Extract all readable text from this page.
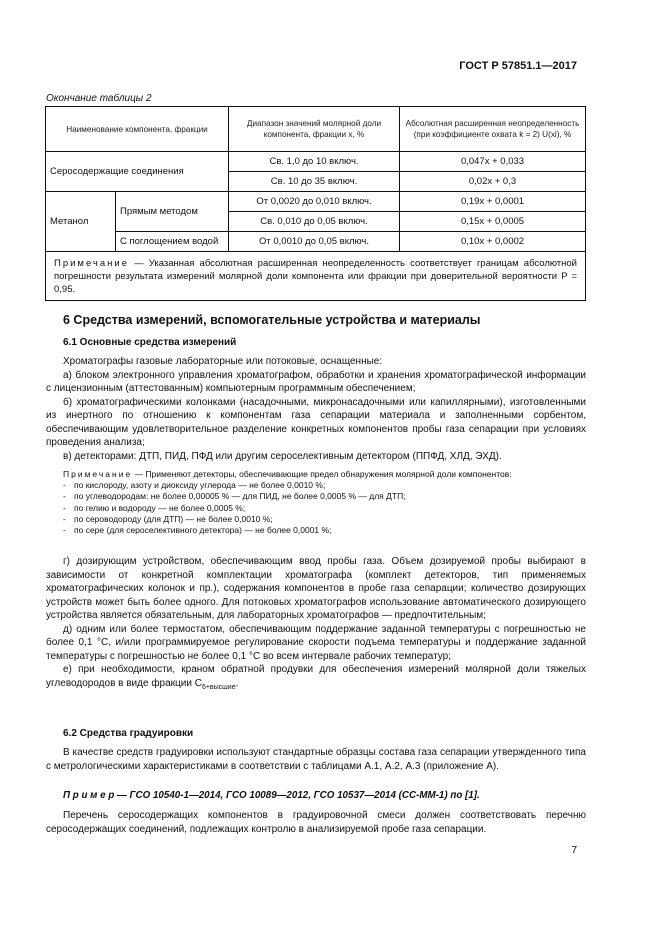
ГОСТ Р 57851.1—2017
Окончание таблицы 2
Наименование компонента, фракции		Диапазон значений молярной доли компонента, фракции x, %	Абсолютная расширенная неопределенность (при коэффициенте охвата k = 2) U(xi), %
Серосодержащие соединения		Св. 1,0 до 10 включ.	0,047x + 0,033
		Св. 10 до 35 включ.	0,02x + 0,3
Метанол	Прямым методом	От 0,0020 до 0,010 включ.	0,19x + 0,0001
		Св. 0,010 до 0,05 включ.	0,15x + 0,0005
	С поглощением водой	От 0,0010 до 0,05 включ.	0,10x + 0,0002
Примечание — Указанная абсолютная расширенная неопределенность соответствует границам абсолютной погрешности результата измерений молярной доли компонента или фракции при доверительной вероятности P = 0,95.			
6 Средства измерений, вспомогательные устройства и материалы
6.1 Основные средства измерений

Хроматографы газовые лабораторные или потоковые, оснащенные:

а) блоком электронного управления хроматографом, обработки и хранения хроматографической информации с лицензионным (аттестованным) компьютерным программным обеспечением;

б) хроматографическими колонками (насадочными, микронасадочными или капиллярными), изготовленными из инертного по отношению к компонентам газа сепарации материала и заполненными сорбентом, обеспечивающим удовлетворительное разделение конкретных компонентов пробы газа сепарации при условиях проведения анализа;

в) детекторами: ДТП, ПИД, ПФД или другим сероселективным детектором (ППФД, ХЛД, ЭХД).

Примечание — Применяют детекторы, обеспечивающие предел обнаружения молярной доли компонентов:

- по кислороду, азоту и диоксиду углерода — не более 0,0010 %;
- по углеводородам: не более 0,00005 % — для ПИД, не более 0,0005 % — для ДТП;
- по гелию и водороду — не более 0,0005 %;
- по сероводороду (для ДТП) — не более 0,0010 %;
- по сере (для сероселективного детектора) — не более 0,0001 %;

г) дозирующим устройством, обеспечивающим ввод пробы газа. Объем дозируемой пробы выбирают в зависимости от конкретной комплектации хроматографа (комплект детекторов, тип применяемых хроматографических колонок и пр.), содержания компонентов в пробе газа сепарации; количество дозирующих устройств может быть более одного. Для потоковых хроматографов использование автоматического дозирующего устройства является обязательным, для лабораторных хроматографов — предпочтительным;

д) одним или более термостатом, обеспечивающим поддержание заданной температуры с погрешностью не более 0,1 °С, и/или программируемое регулирование скорости подъема температуры и поддержание заданной температуры с погрешностью не более 0,1 °С во всем интервале рабочих температур;

е) при необходимости, краном обратной продувки для обеспечения измерений молярной доли тяжелых углеводородов в виде фракции $С_{6+высшие}$.

6.2 Средства градуировки

В качестве средств градуировки используют стандартные образцы состава газа сепарации утвержденного типа с метрологическими характеристиками в соответствии с таблицами А.1, А.2, А.3 (приложение А).

П р и м е р — ГСО 10540-1—2014, ГСО 10089—2012, ГСО 10537—2014 (СС-ММ-1) по [1].

Перечень серосодержащих компонентов в градуировочной смеси должен соответствовать перечню серосодержащих соединений, подлежащих контролю в анализируемой пробе газа сепарации.

7
